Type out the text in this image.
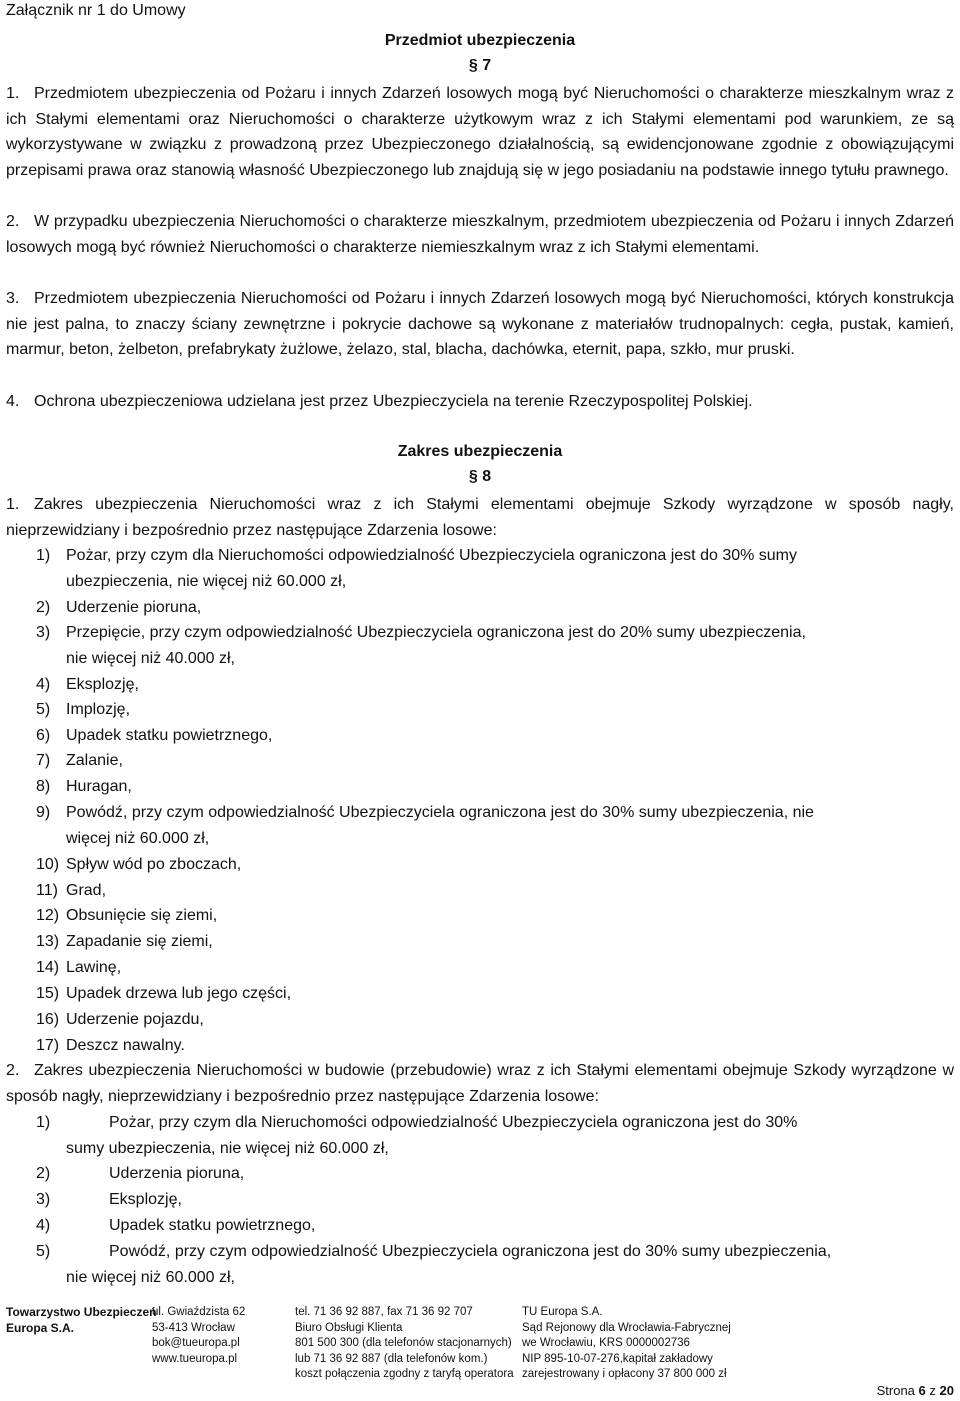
Załącznik nr 1 do Umowy
Przedmiot ubezpieczenia
§ 7

1. Przedmiotem ubezpieczenia od Pożaru i innych Zdarzeń losowych mogą być Nieruchomości o charakterze mieszkalnym wraz z ich Stałymi elementami oraz Nieruchomości o charakterze użytkowym wraz z ich Stałymi elementami pod warunkiem, ze są wykorzystywane w związku z prowadzoną przez Ubezpieczonego działalnością, są ewidencjonowane zgodnie z obowiązującymi przepisami prawa oraz stanowią własność Ubezpieczonego lub znajdują się w jego posiadaniu na podstawie innego tytułu prawnego.

2. W przypadku ubezpieczenia Nieruchomości o charakterze mieszkalnym, przedmiotem ubezpieczenia od Pożaru i innych Zdarzeń losowych mogą być również Nieruchomości o charakterze niemieszkalnym wraz z ich Stałymi elementami.

3. Przedmiotem ubezpieczenia Nieruchomości od Pożaru i innych Zdarzeń losowych mogą być Nieruchomości, których konstrukcja nie jest palna, to znaczy ściany zewnętrzne i pokrycie dachowe są wykonane z materiałów trudnopalnych: cegła, pustak, kamień, marmur, beton, żelbeton, prefabrykaty żużlowe, żelazo, stal, blacha, dachówka, eternit, papa, szkło, mur pruski.

4. Ochrona ubezpieczeniowa udzielana jest przez Ubezpieczyciela na terenie Rzeczypospolitej Polskiej.

Zakres ubezpieczenia
§ 8

1. Zakres ubezpieczenia Nieruchomości wraz z ich Stałymi elementami obejmuje Szkody wyrządzone w sposób nagły, nieprzewidziany i bezpośrednio przez następujące Zdarzenia losowe:

1) Pożar, przy czym dla Nieruchomości odpowiedzialność Ubezpieczyciela ograniczona jest do 30% sumy
ubezpieczenia, nie więcej niż 60.000 zł,

2) Uderzenie pioruna,

3) Przepięcie, przy czym odpowiedzialność Ubezpieczyciela ograniczona jest do 20% sumy ubezpieczenia,
nie więcej niż 40.000 zł,

4) Eksplozję,

5) Implozję,

6) Upadek statku powietrznego,

7) Zalanie,

8) Huragan,

9) Powódź, przy czym odpowiedzialność Ubezpieczyciela ograniczona jest do 30% sumy ubezpieczenia, nie
więcej niż 60.000 zł,

10) Spływ wód po zboczach,

11) Grad,

12) Obsunięcie się ziemi,

13) Zapadanie się ziemi,

14) Lawinę,

15) Upadek drzewa lub jego części,

16) Uderzenie pojazdu,

17) Deszcz nawalny.

2. Zakres ubezpieczenia Nieruchomości w budowie (przebudowie) wraz z ich Stałymi elementami obejmuje Szkody wyrządzone w sposób nagły, nieprzewidziany i bezpośrednio przez następujące Zdarzenia losowe:

1)	Pożar, przy czym dla Nieruchomości odpowiedzialność Ubezpieczyciela ograniczona jest do 30%
sumy ubezpieczenia, nie więcej niż 60.000 zł,

2)	Uderzenia pioruna,

3)	Eksplozję,

4)	Upadek statku powietrznego,

5)	Powódź, przy czym odpowiedzialność Ubezpieczyciela ograniczona jest do 30% sumy ubezpieczenia,
nie więcej niż 60.000 zł,

Towarzystwo Ubezpieczeń
Europa S.A.
ul. Gwiaździsta 62
53-413 Wrocław
bok@tueuropa.pl
www.tueuropa.pl
tel. 71 36 92 887, fax 71 36 92 707
Biuro Obsługi Klienta
801 500 300 (dla telefonów stacjonarnych)
lub 71 36 92 887 (dla telefonów kom.)
koszt połączenia zgodny z taryfą operatora
TU Europa S.A.
Sąd Rejonowy dla Wrocławia-Fabrycznej
we Wrocławiu, KRS 0000002736
NIP 895-10-07-276,kapitał zakładowy
zarejestrowany i opłacony 37 800 000 zł
Strona 6 z 20
